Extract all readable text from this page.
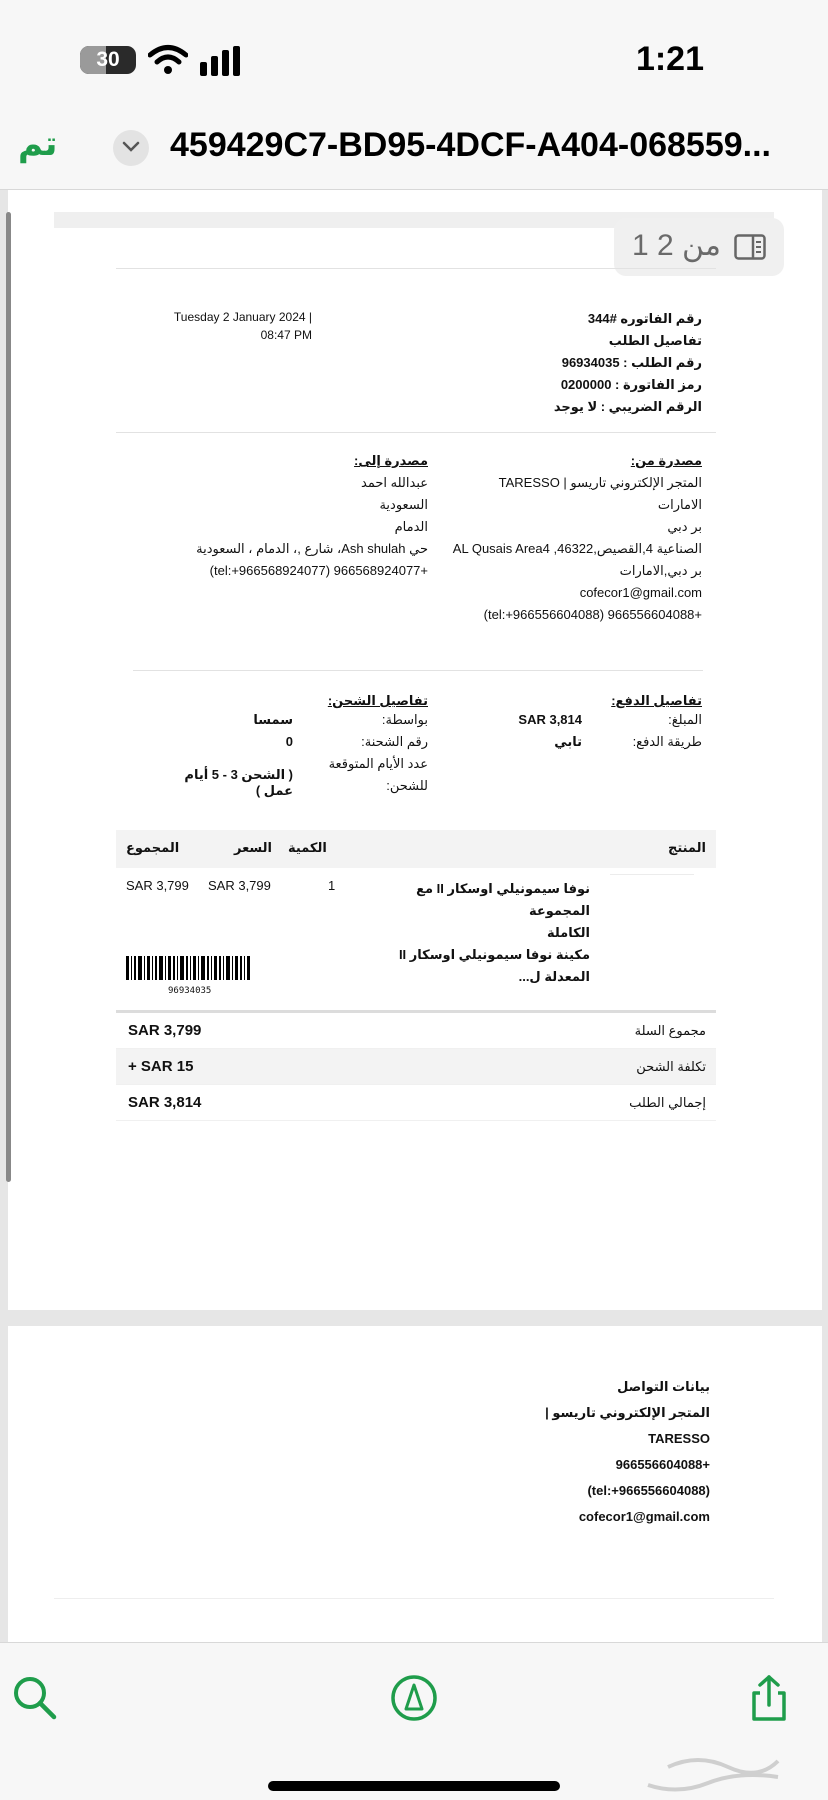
30	1:21
تم	459429C7-BD95-4DCF-A404-068559...
1 من 2
رقم الفاتوره #344
تفاصيل الطلب
رقم الطلب : 96934035
رمز الفاتورة : 0200000
الرقم الضريبي : لا يوجد
Tuesday 2 January 2024 |
08:47 PM
مصدرة من:
المتجر الإلكتروني تاريسو | TARESSO
الامارات
بر دبي
الصناعية 4,القصيص,46322, AL Qusais Area4
بر دبي,الامارات
cofecor1@gmail.com
+966556604088 (tel:+966556604088)
مصدرة إلى:
عبدالله احمد
السعودية
الدمام
حي Ash shulah، شارع ,، الدمام ، السعودية
+966568924077 (tel:+966568924077)
تفاصيل الدفع:
المبلغ:
SAR 3,814
طريقة الدفع:
تابي
تفاصيل الشحن:
بواسطة:
سمسا
رقم الشحنة:
0
عدد الأيام المتوقعة
للشحن:
( الشحن 3 - 5 أيام عمل )
المنتج
الكمية
السعر
المجموع
نوفا سيمونيلي اوسكار II مع المجموعة
الكاملة
مكينة نوفا سيمونيلي اوسكار II المعدلة ل...
1
SAR 3,799
SAR 3,799
96934035
مجموع السلة
SAR 3,799
تكلفة الشحن
+ SAR 15
إجمالي الطلب
SAR 3,814
بيانات التواصل
المتجر الإلكتروني تاريسو |
TARESSO
+966556604088
(tel:+966556604088)
cofecor1@gmail.com
